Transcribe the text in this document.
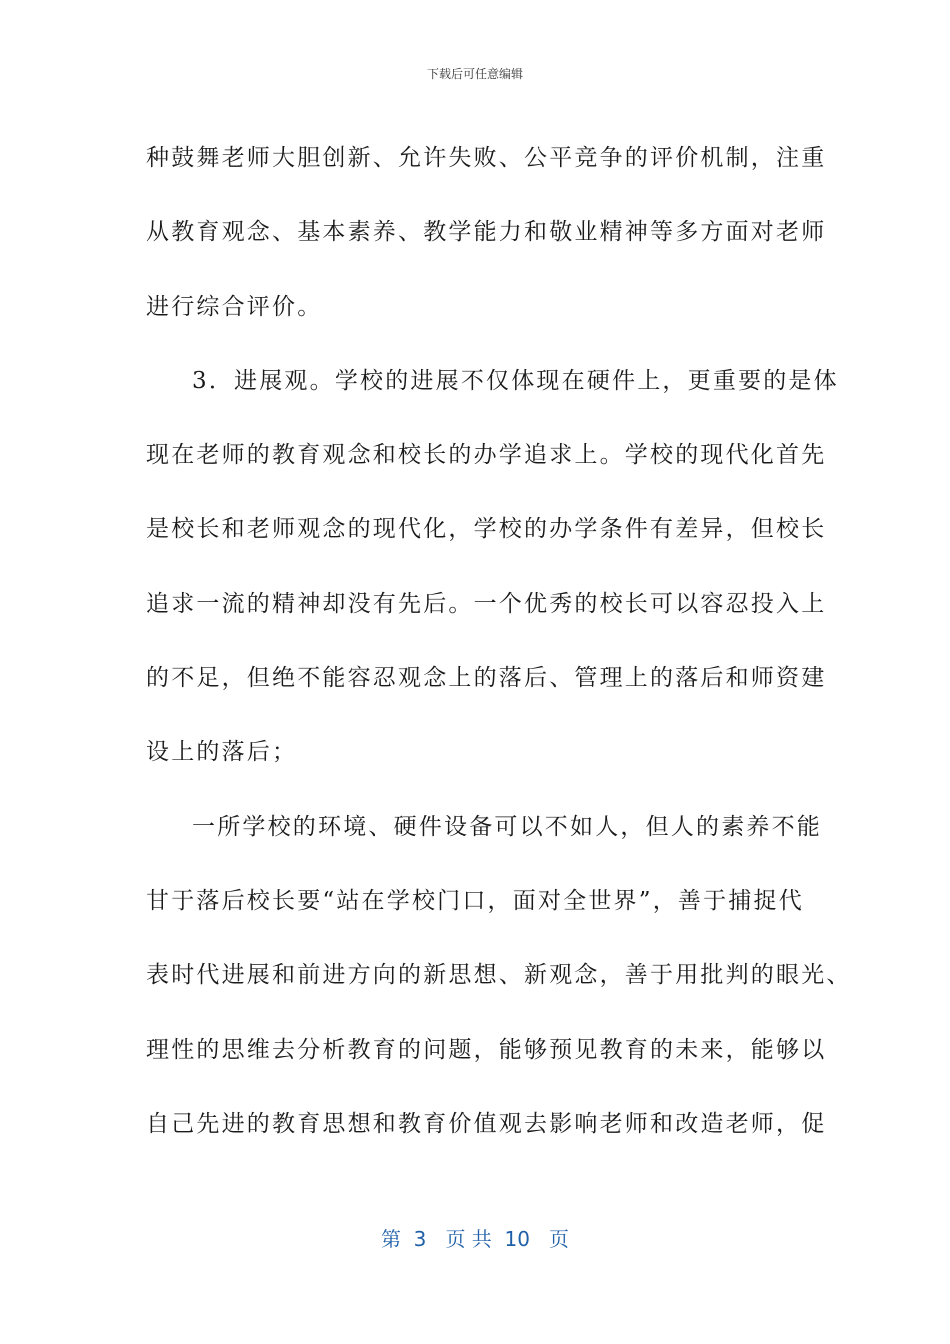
下载后可任意编辑
种鼓舞老师大胆创新、允许失败、公平竞争的评价机制，注重
从教育观念、基本素养、教学能力和敬业精神等多方面对老师
进行综合评价。
3．进展观。学校的进展不仅体现在硬件上，更重要的是体
现在老师的教育观念和校长的办学追求上。学校的现代化首先
是校长和老师观念的现代化，学校的办学条件有差异，但校长
追求一流的精神却没有先后。一个优秀的校长可以容忍投入上
的不足，但绝不能容忍观念上的落后、管理上的落后和师资建
设上的落后；
一所学校的环境、硬件设备可以不如人，但人的素养不能
甘于落后校长要“站在学校门口，面对全世界”，善于捕捉代
表时代进展和前进方向的新思想、新观念，善于用批判的眼光、
理性的思维去分析教育的问题，能够预见教育的未来，能够以
自己先进的教育思想和教育价值观去影响老师和改造老师，促
第  3   页 共  10   页
